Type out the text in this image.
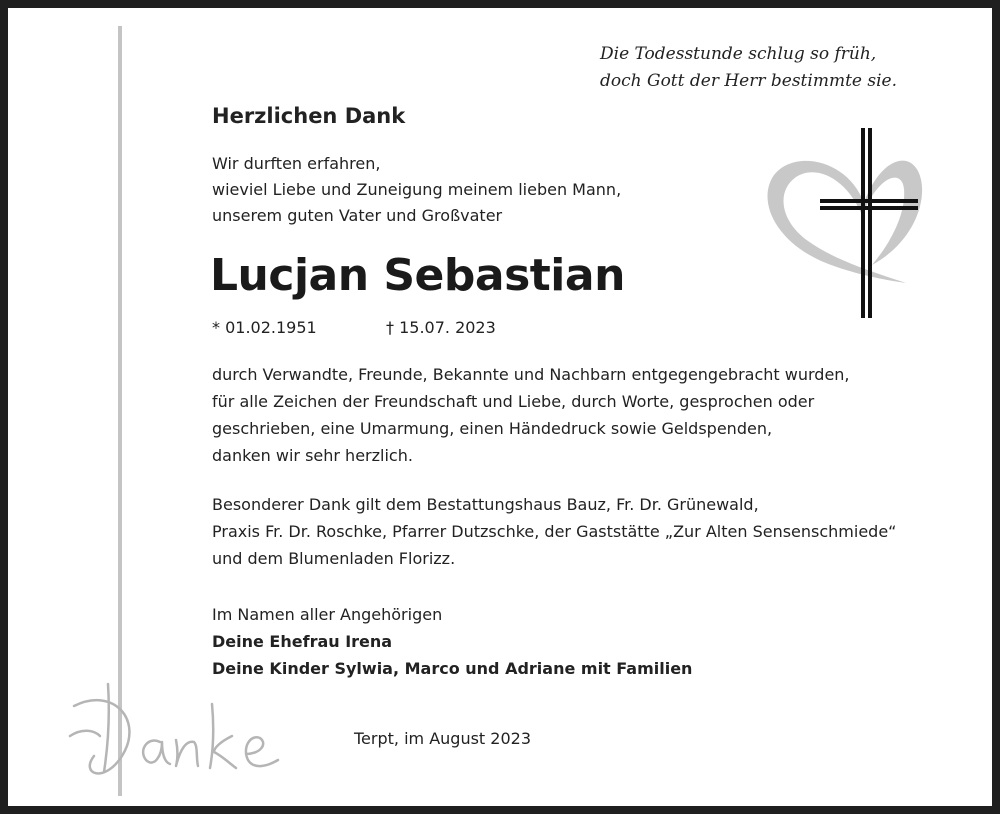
Die Todesstunde schlug so früh,
doch Gott der Herr bestimmte sie.
Herzlichen Dank
Wir durften erfahren,
wieviel Liebe und Zuneigung meinem lieben Mann,
unserem guten Vater und Großvater
Lucjan Sebastian
* 01.02.1951	† 15.07. 2023
durch Verwandte, Freunde, Bekannte und Nachbarn entgegengebracht wurden,
für alle Zeichen der Freundschaft und Liebe, durch Worte, gesprochen oder
geschrieben, eine Umarmung, einen Händedruck sowie Geldspenden,
danken wir sehr herzlich.
Besonderer Dank gilt dem Bestattungshaus Bauz, Fr. Dr. Grünewald,
Praxis Fr. Dr. Roschke, Pfarrer Dutzschke, der Gaststätte „Zur Alten Sensenschmiede“
und dem Blumenladen Florizz.
Im Namen aller Angehörigen
Deine Ehefrau Irena
Deine Kinder Sylwia, Marco und Adriane mit Familien
Terpt, im August 2023
